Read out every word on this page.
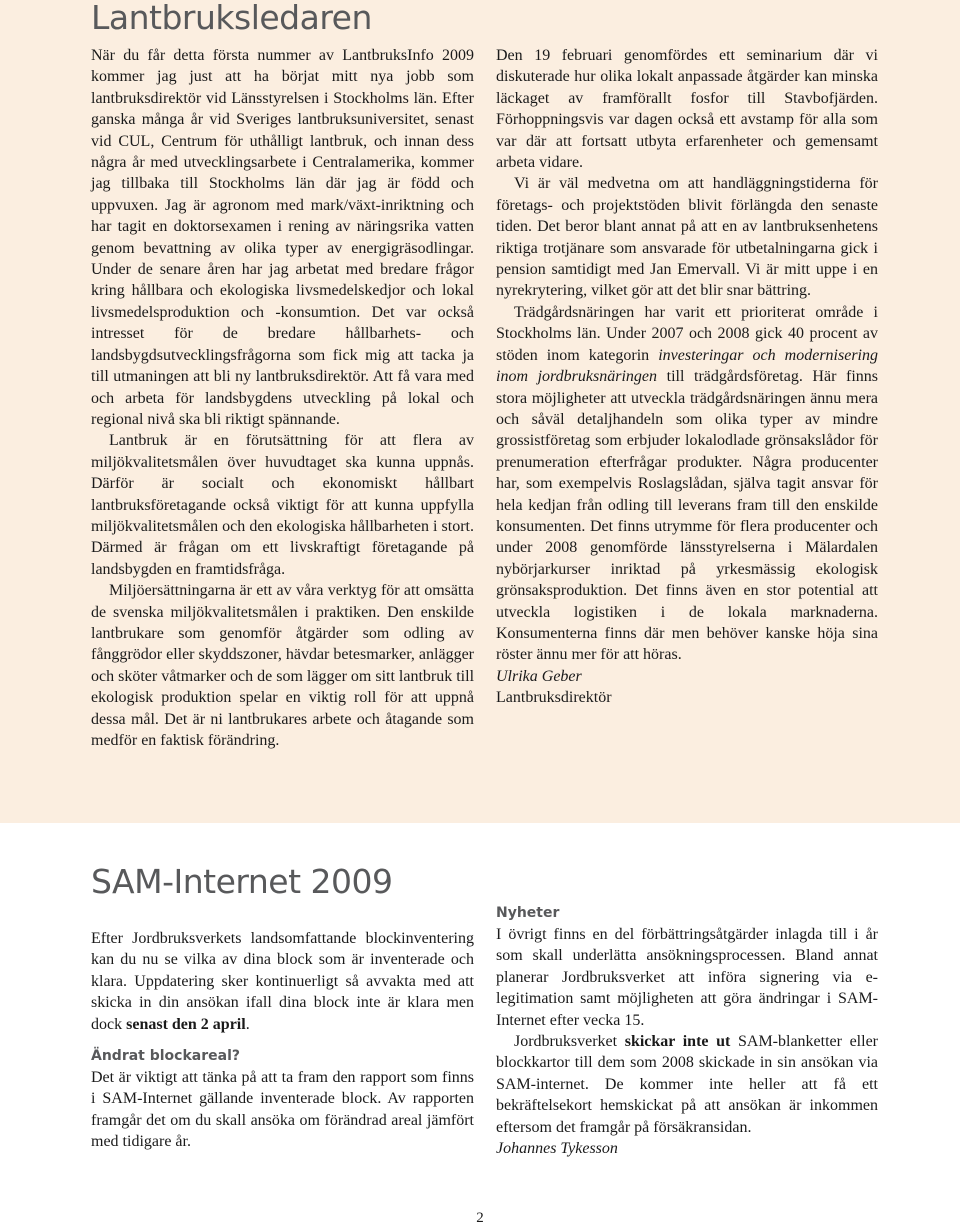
Lantbruksledaren

När du får detta första nummer av LantbruksInfo 2009 kommer jag just att ha börjat mitt nya jobb som lantbruksdirektör vid Länsstyrelsen i Stockholms län. Efter ganska många år vid Sveriges lantbruksuniversitet, senast vid CUL, Centrum för uthålligt lantbruk, och innan dess några år med utvecklingsarbete i Centralamerika, kommer jag tillbaka till Stockholms län där jag är född och uppvuxen. Jag är agronom med mark/växt-inriktning och har tagit en doktorsexamen i rening av näringsrika vatten genom bevattning av olika typer av energigräsodlingar. Under de senare åren har jag arbetat med bredare frågor kring hållbara och ekologiska livsmedelskedjor och lokal livsmedelsproduktion och -konsumtion. Det var också intresset för de bredare hållbarhets- och landsbygdsutvecklingsfrågorna som fick mig att tacka ja till utmaningen att bli ny lantbruksdirektör. Att få vara med och arbeta för landsbygdens utveckling på lokal och regional nivå ska bli riktigt spännande.

Lantbruk är en förutsättning för att flera av miljökvalitetsmålen över huvudtaget ska kunna uppnås. Därför är socialt och ekonomiskt hållbart lantbruksföretagande också viktigt för att kunna uppfylla miljökvalitetsmålen och den ekologiska hållbarheten i stort. Därmed är frågan om ett livskraftigt företagande på landsbygden en framtidsfråga.

Miljöersättningarna är ett av våra verktyg för att omsätta de svenska miljökvalitetsmålen i praktiken. Den enskilde lantbrukare som genomför åtgärder som odling av fånggrödor eller skyddszoner, hävdar betesmarker, anlägger och sköter våtmarker och de som lägger om sitt lantbruk till ekologisk produktion spelar en viktig roll för att uppnå dessa mål. Det är ni lantbrukares arbete och åtagande som medför en faktisk förändring.

Den 19 februari genomfördes ett seminarium där vi diskuterade hur olika lokalt anpassade åtgärder kan minska läckaget av framförallt fosfor till Stavbofjärden. Förhoppningsvis var dagen också ett avstamp för alla som var där att fortsatt utbyta erfarenheter och gemensamt arbeta vidare.

Vi är väl medvetna om att handläggningstiderna för företags- och projektstöden blivit förlängda den senaste tiden. Det beror blant annat på att en av lantbruksenhetens riktiga trotjänare som ansvarade för utbetalningarna gick i pension samtidigt med Jan Emervall. Vi är mitt uppe i en nyrekrytering, vilket gör att det blir snar bättring.

Trädgårdsnäringen har varit ett prioriterat område i Stockholms län. Under 2007 och 2008 gick 40 procent av stöden inom kategorin investeringar och modernisering inom jordbruksnäringen till trädgårdsföretag. Här finns stora möjligheter att utveckla trädgårdsnäringen ännu mera och såväl detaljhandeln som olika typer av mindre grossistföretag som erbjuder lokalodlade grönsakslådor för prenumeration efterfrågar produkter. Några producenter har, som exempelvis Roslagslådan, själva tagit ansvar för hela kedjan från odling till leverans fram till den enskilde konsumenten. Det finns utrymme för flera producenter och under 2008 genomförde länsstyrelserna i Mälardalen nybörjarkurser inriktad på yrkesmässig ekologisk grönsaksproduktion. Det finns även en stor potential att utveckla logistiken i de lokala marknaderna. Konsumenterna finns där men behöver kanske höja sina röster ännu mer för att höras.

Ulrika Geber

Lantbruksdirektör

SAM-Internet 2009

Efter Jordbruksverkets landsomfattande blockinventering kan du nu se vilka av dina block som är inventerade och klara. Uppdatering sker kontinuerligt så avvakta med att skicka in din ansökan ifall dina block inte är klara men dock senast den 2 april.

Ändrat blockareal?

Det är viktigt att tänka på att ta fram den rapport som finns i SAM-Internet gällande inventerade block. Av rapporten framgår det om du skall ansöka om förändrad areal jämfört med tidigare år.

Nyheter

I övrigt finns en del förbättringsåtgärder inlagda till i år som skall underlätta ansökningsprocessen. Bland annat planerar Jordbruksverket att införa signering via e-legitimation samt möjligheten att göra ändringar i SAM-Internet efter vecka 15.

Jordbruksverket skickar inte ut SAM-blanketter eller blockkartor till dem som 2008 skickade in sin ansökan via SAM-internet. De kommer inte heller att få ett bekräftelsekort hemskickat på att ansökan är inkommen eftersom det framgår på försäkransidan.

Johannes Tykesson

2
